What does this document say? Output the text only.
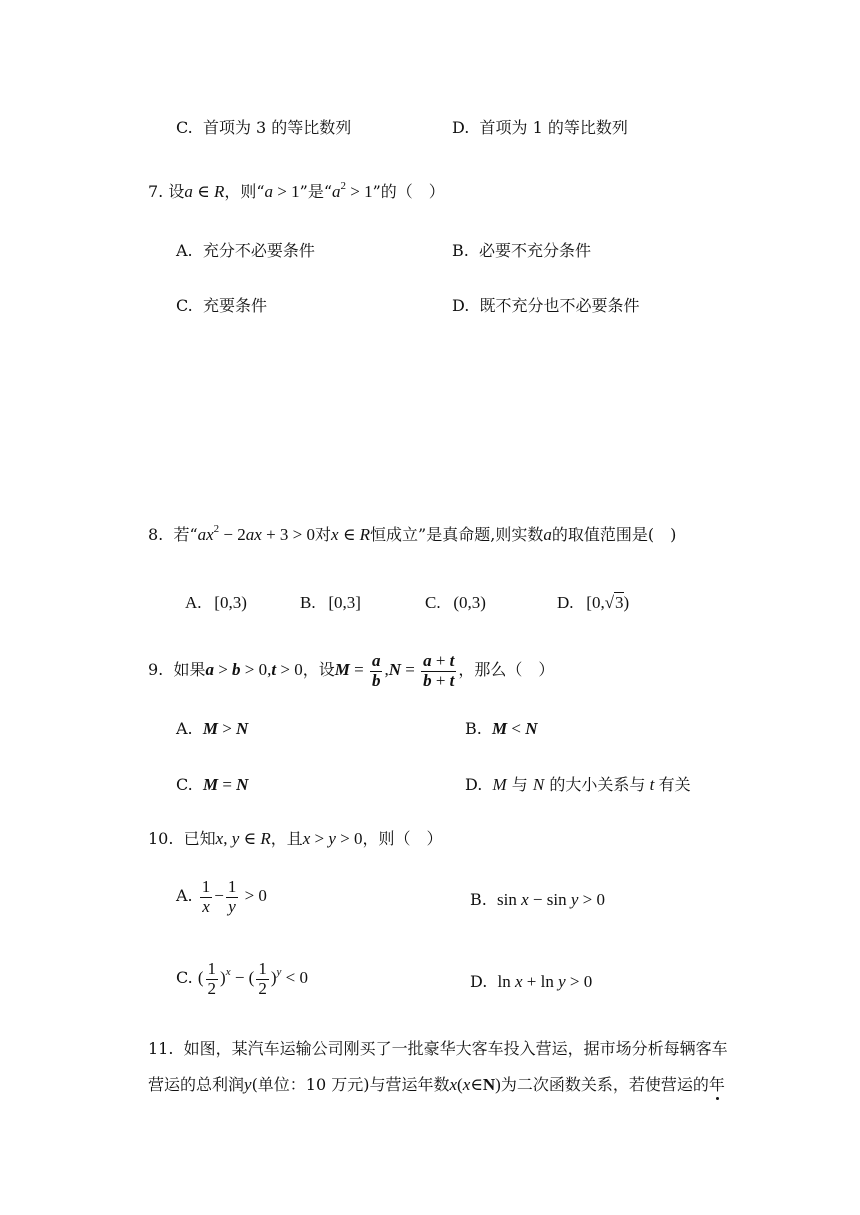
C. 首项为 3 的等比数列	D. 首项为 1 的等比数列
7. 设a ∈ R，则“a > 1”是“$a^2 > 1$”的（　）
A. 充分不必要条件	B. 必要不充分条件
C. 充要条件	D. 既不充分也不必要条件
8. 若“$ax^2 - 2ax + 3 > 0$对x ∈ R恒成立”是真命题,则实数a的取值范围是(　)
A. [0,3)	B. [0,3]	C. (0,3)	D. [0,√3)
9. 如果a > b > 0,t > 0，设$M = \frac{a}{b} ,N = \frac{a + t}{b + t}$ ，那么（　）
A. M > N	B. M < N
C. M = N	D. M 与 N 的大小关系与 t 有关
10. 已知x, y ∈ R，且x > y > 0，则（　）
A. $\frac{1}{x} - \frac{1}{y} > 0$	B. sin x − sin y > 0
C. ( $\frac{1}{2} )^x$ − ( $\frac{1}{2} )^y < 0$	D. ln x + ln y > 0
11. 如图，某汽车运输公司刚买了一批豪华大客车投入营运，据市场分析每辆客车
营运的总利润y(单位：10 万元)与营运年数x(x∈N)为二次函数关系，若使营运的年
